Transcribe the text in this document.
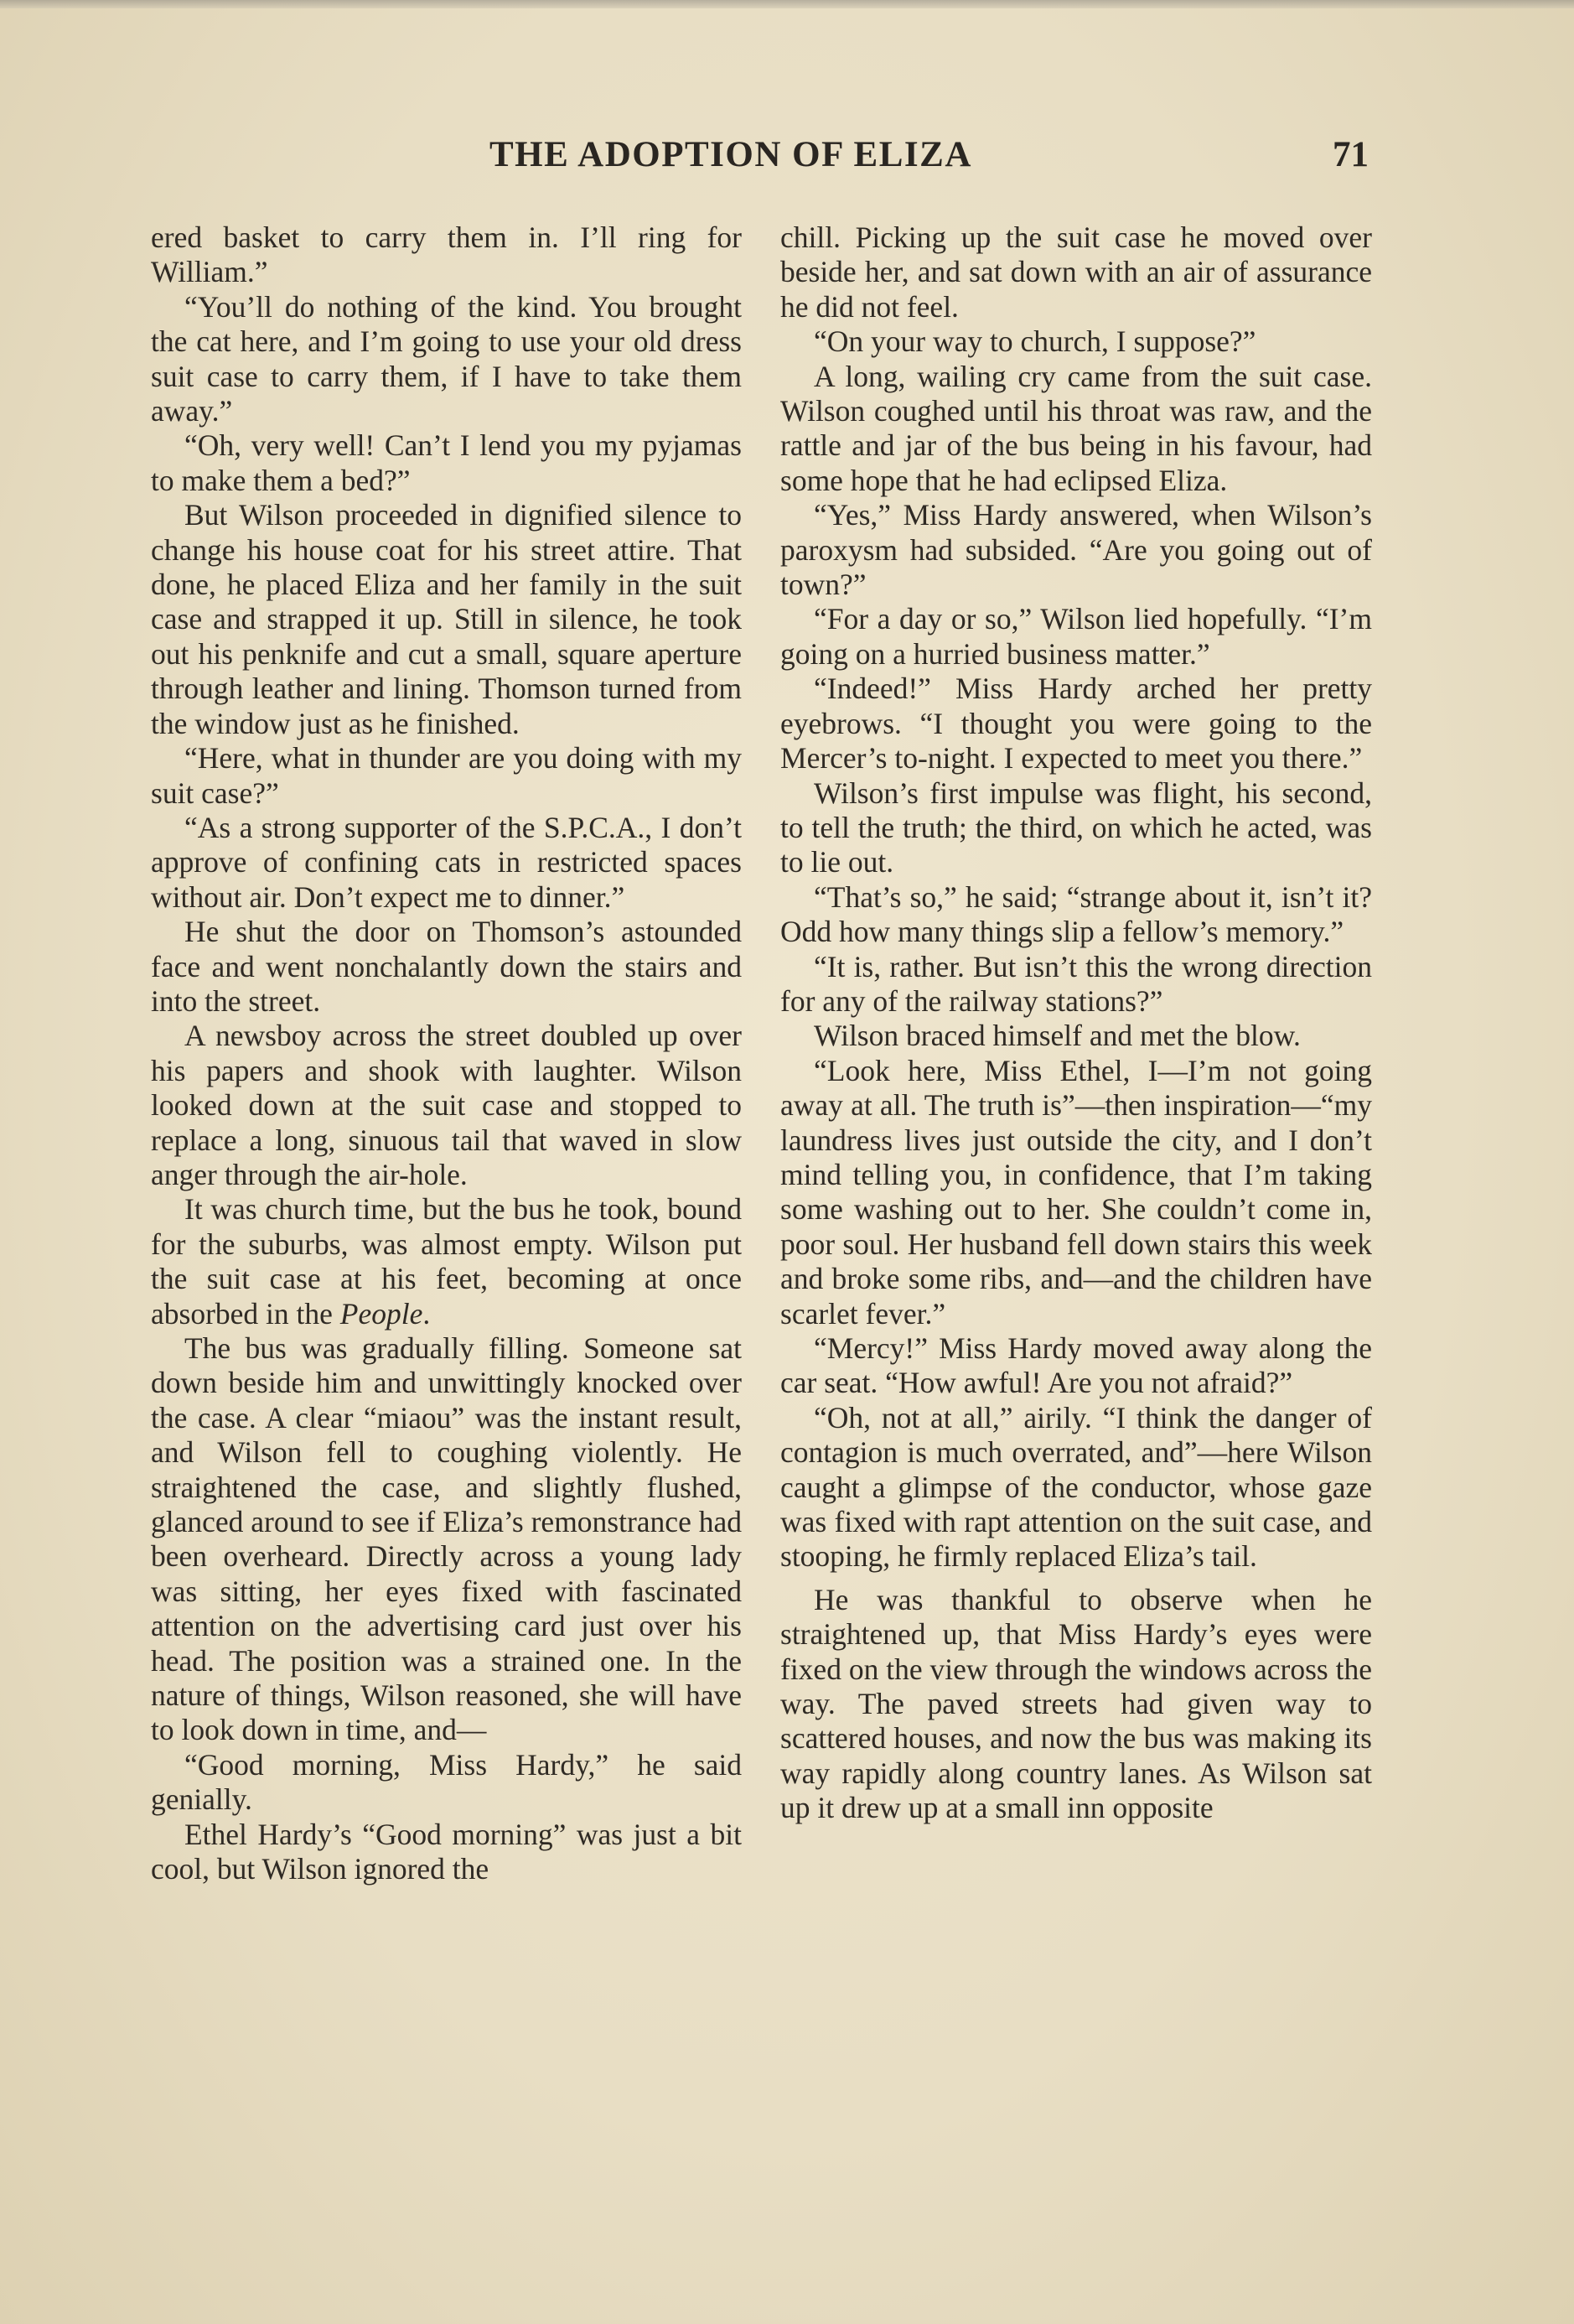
THE ADOPTION OF ELIZA	71

ered basket to carry them in. I’ll ring for William.”

“You’ll do nothing of the kind. You brought the cat here, and I’m going to use your old dress suit case to carry them, if I have to take them away.”

“Oh, very well! Can’t I lend you my pyjamas to make them a bed?”

But Wilson proceeded in dignified silence to change his house coat for his street attire. That done, he placed Eliza and her family in the suit case and strapped it up. Still in silence, he took out his penknife and cut a small, square aperture through leather and lining. Thomson turned from the window just as he finished.

“Here, what in thunder are you doing with my suit case?”

“As a strong supporter of the S.P.C.A., I don’t approve of confining cats in restricted spaces without air. Don’t expect me to dinner.”

He shut the door on Thomson’s astounded face and went nonchalantly down the stairs and into the street.

A newsboy across the street doubled up over his papers and shook with laughter. Wilson looked down at the suit case and stopped to replace a long, sinuous tail that waved in slow anger through the air-hole.

It was church time, but the bus he took, bound for the suburbs, was almost empty. Wilson put the suit case at his feet, becoming at once absorbed in the People.

The bus was gradually filling. Someone sat down beside him and unwittingly knocked over the case. A clear “miaou” was the instant result, and Wilson fell to coughing violently. He straightened the case, and slightly flushed, glanced around to see if Eliza’s remonstrance had been overheard. Directly across a young lady was sitting, her eyes fixed with fascinated attention on the advertising card just over his head. The position was a strained one. In the nature of things, Wilson reasoned, she will have to look down in time, and—

“Good morning, Miss Hardy,” he said genially.

Ethel Hardy’s “Good morning” was just a bit cool, but Wilson ignored the

chill. Picking up the suit case he moved over beside her, and sat down with an air of assurance he did not feel.

“On your way to church, I suppose?”

A long, wailing cry came from the suit case. Wilson coughed until his throat was raw, and the rattle and jar of the bus being in his favour, had some hope that he had eclipsed Eliza.

“Yes,” Miss Hardy answered, when Wilson’s paroxysm had subsided. “Are you going out of town?”

“For a day or so,” Wilson lied hopefully. “I’m going on a hurried business matter.”

“Indeed!” Miss Hardy arched her pretty eyebrows. “I thought you were going to the Mercer’s to-night. I expected to meet you there.”

Wilson’s first impulse was flight, his second, to tell the truth; the third, on which he acted, was to lie out.

“That’s so,” he said; “strange about it, isn’t it? Odd how many things slip a fellow’s memory.”

“It is, rather. But isn’t this the wrong direction for any of the railway stations?”

Wilson braced himself and met the blow.

“Look here, Miss Ethel, I—I’m not going away at all. The truth is”—then inspiration—“my laundress lives just outside the city, and I don’t mind telling you, in confidence, that I’m taking some washing out to her. She couldn’t come in, poor soul. Her husband fell down stairs this week and broke some ribs, and—and the children have scarlet fever.”

“Mercy!” Miss Hardy moved away along the car seat. “How awful! Are you not afraid?”

“Oh, not at all,” airily. “I think the danger of contagion is much overrated, and”—here Wilson caught a glimpse of the conductor, whose gaze was fixed with rapt attention on the suit case, and stooping, he firmly replaced Eliza’s tail.

He was thankful to observe when he straightened up, that Miss Hardy’s eyes were fixed on the view through the windows across the way. The paved streets had given way to scattered houses, and now the bus was making its way rapidly along country lanes. As Wilson sat up it drew up at a small inn opposite
